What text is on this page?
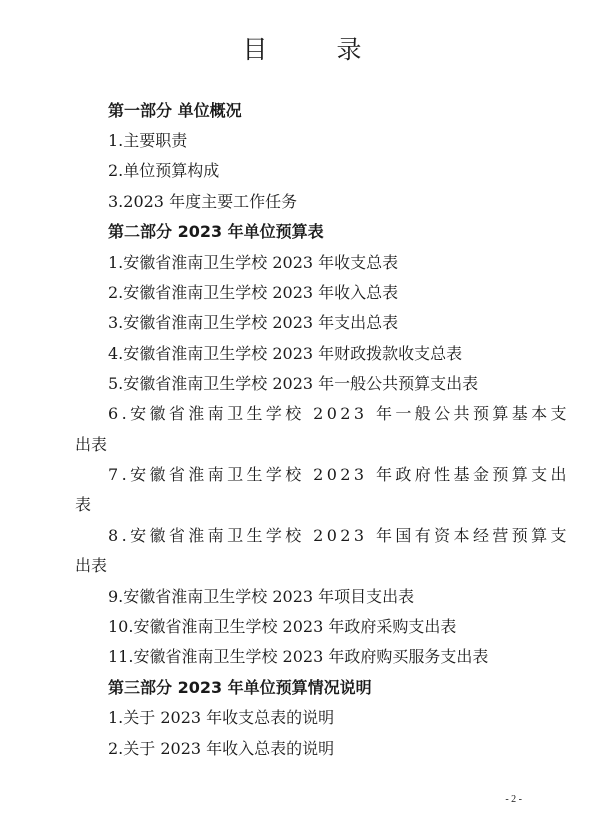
目　录
第一部分 单位概况
1.主要职责
2.单位预算构成
3.2023 年度主要工作任务
第二部分 2023 年单位预算表
1.安徽省淮南卫生学校 2023 年收支总表
2.安徽省淮南卫生学校 2023 年收入总表
3.安徽省淮南卫生学校 2023 年支出总表
4.安徽省淮南卫生学校 2023 年财政拨款收支总表
5.安徽省淮南卫生学校 2023 年一般公共预算支出表
6.安徽省淮南卫生学校 2023 年一般公共预算基本支
出表
7.安徽省淮南卫生学校 2023 年政府性基金预算支出
表
8.安徽省淮南卫生学校 2023 年国有资本经营预算支
出表
9.安徽省淮南卫生学校 2023 年项目支出表
10.安徽省淮南卫生学校 2023 年政府采购支出表
11.安徽省淮南卫生学校 2023 年政府购买服务支出表
第三部分 2023 年单位预算情况说明
1.关于 2023 年收支总表的说明
2.关于 2023 年收入总表的说明
- 2 -
